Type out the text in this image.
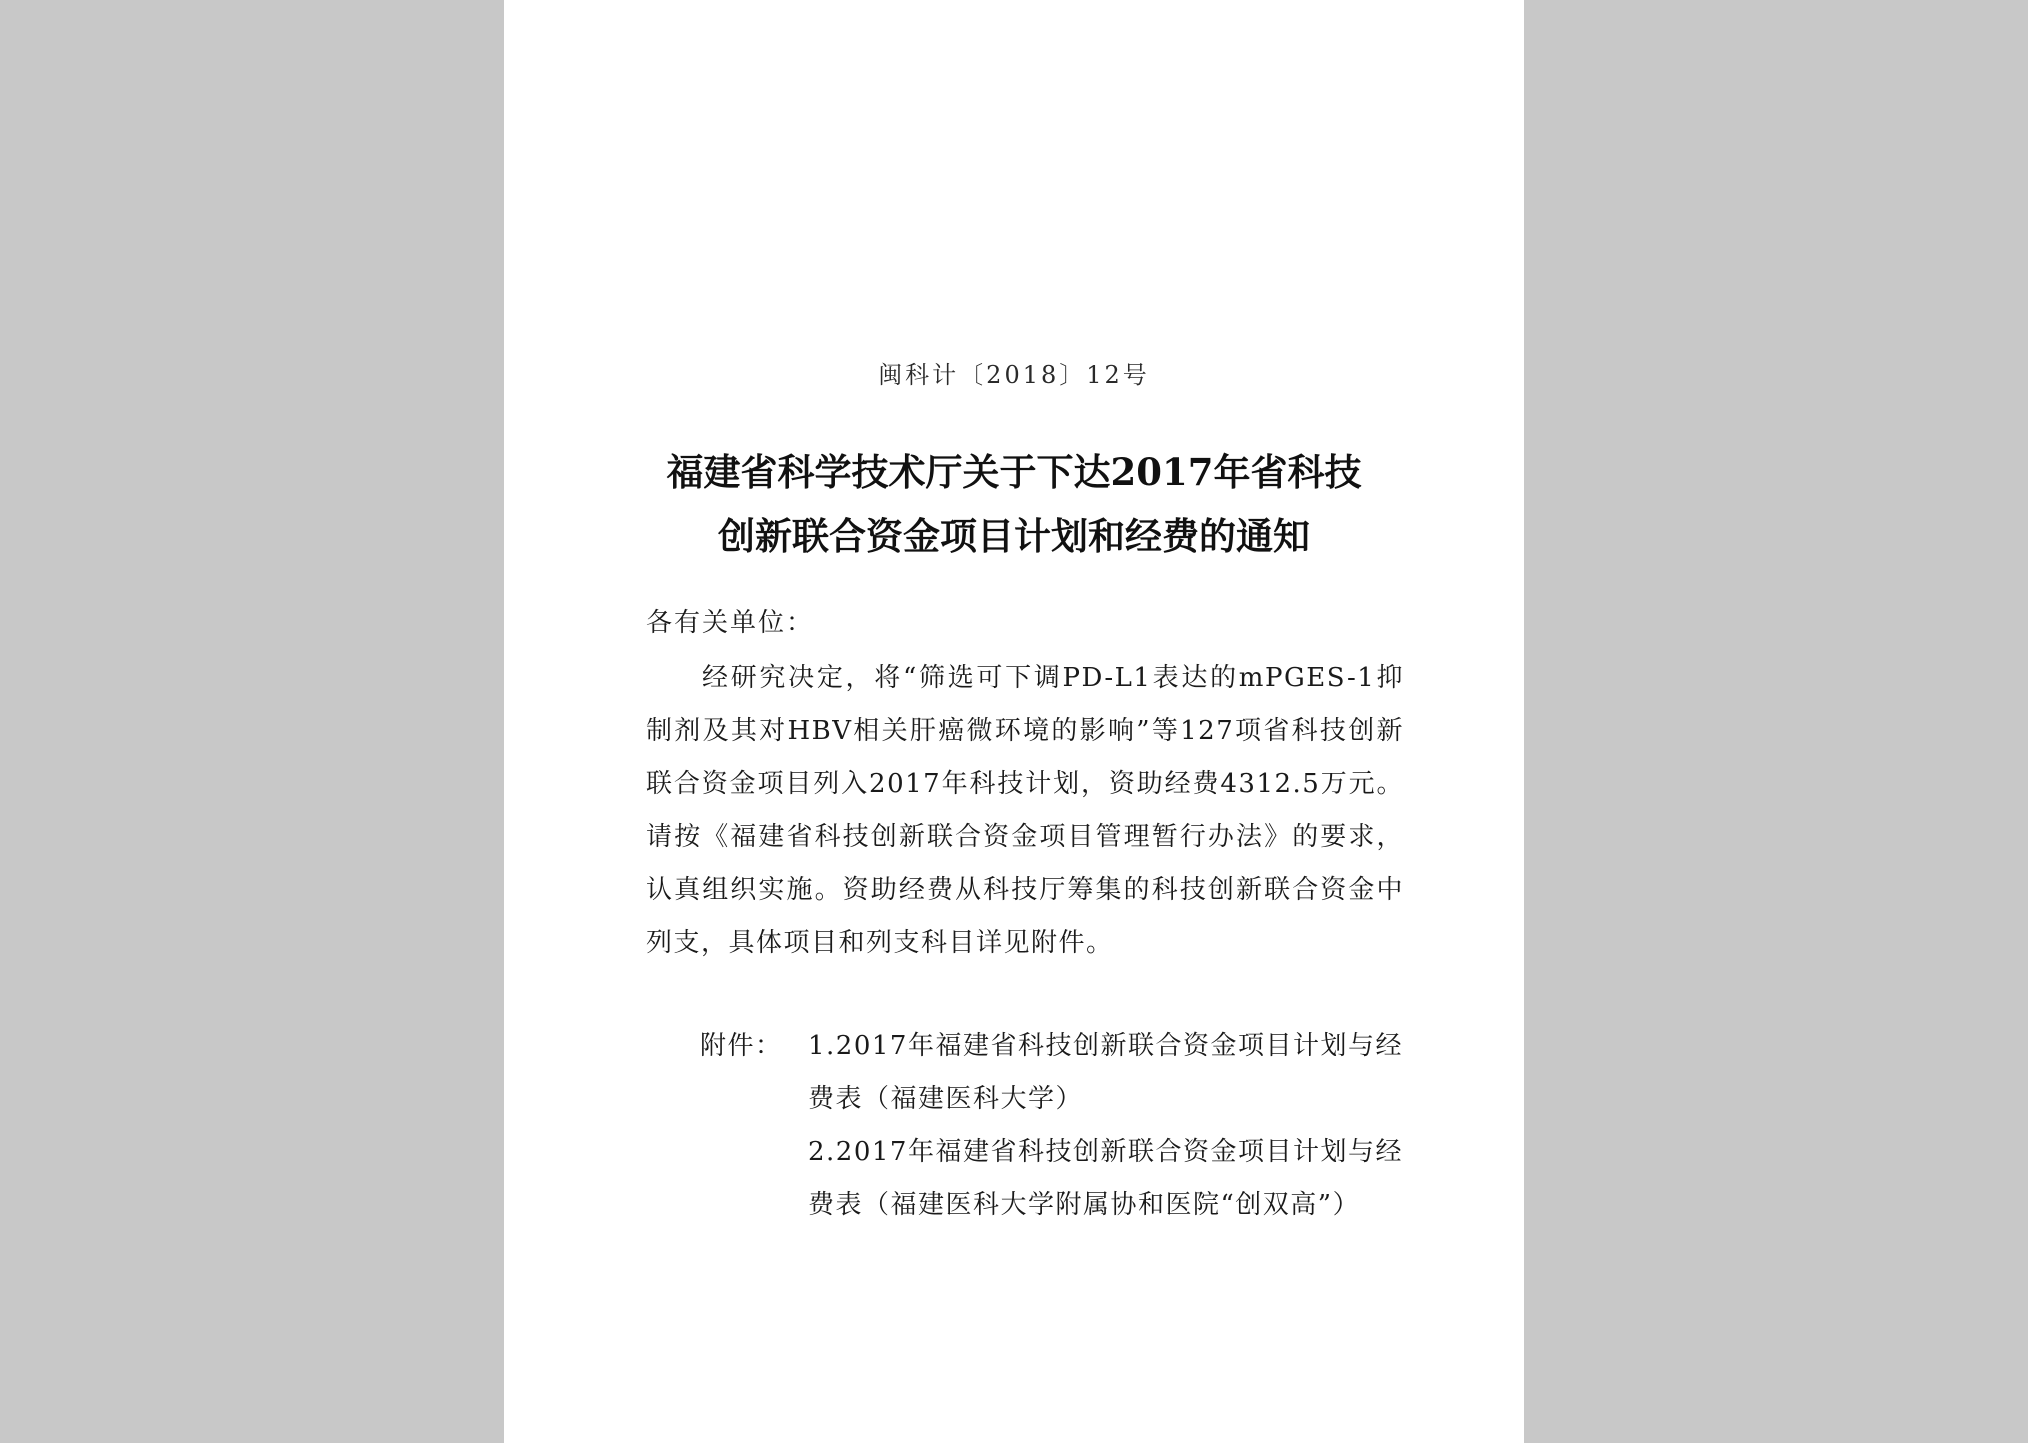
闽科计〔2018〕12号
福建省科学技术厅关于下达2017年省科技
创新联合资金项目计划和经费的通知
各有关单位：
经研究决定，将“筛选可下调PD-L1表达的mPGES-1抑制剂及其对HBV相关肝癌微环境的影响”等127项省科技创新联合资金项目列入2017年科技计划，资助经费4312.5万元。请按《福建省科技创新联合资金项目管理暂行办法》的要求，认真组织实施。资助经费从科技厅筹集的科技创新联合资金中列支，具体项目和列支科目详见附件。
附件： 1.2017年福建省科技创新联合资金项目计划与经费表（福建医科大学）
2.2017年福建省科技创新联合资金项目计划与经费表（福建医科大学附属协和医院“创双高”）
